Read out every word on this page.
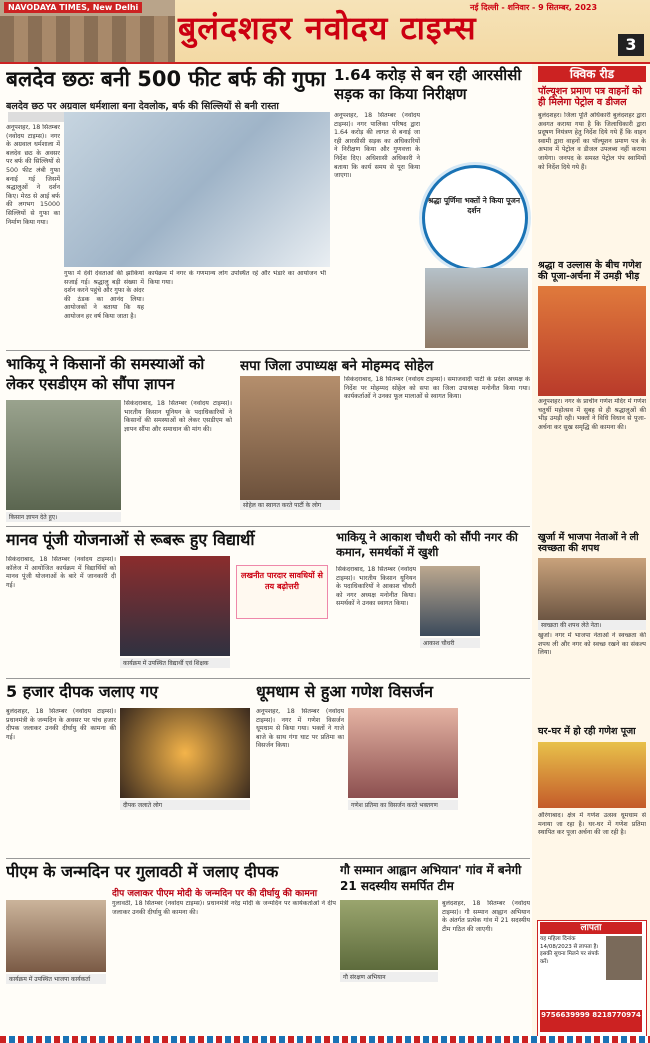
NAVODAYA TIMES, New Delhi
बुलंदशहर नवोदय टाइम्स
नई दिल्ली - शनिवार - 9 सितम्बर, 2023
3
बलदेव छठः बनी 500 फीट बर्फ की गुफा
बलदेव छठ पर अग्रवाल धर्मशाला बना देवलोक, बर्फ की सिल्लियों से बनी रास्ता
अनूपशहर, 18 सितम्बर (नवोदय टाइम्स)। नगर के अग्रवाल धर्मशाला में बलदेव छठ के अवसर पर बर्फ की सिल्लियों से 500 फीट लंबी गुफा बनाई गई जिसमें श्रद्धालुओं ने दर्शन किए। मेरठ से आई बर्फ की लगभग 15000 सिल्लियों से गुफा का निर्माण किया गया।
गुफा में देवी देवताओं की झांकियां सजाई गई। श्रद्धालु बड़ी संख्या में दर्शन करने पहुंचे और गुफा के अंदर की ठंडक का आनंद लिया। आयोजकों ने बताया कि यह आयोजन हर वर्ष किया जाता है।
कार्यक्रम में नगर के गणमान्य लोग उपस्थित रहे और भंडारे का आयोजन भी किया गया।
1.64 करोड़ से बन रही आरसीसी सड़क का किया निरीक्षण
अनूपशहर, 18 सितम्बर (नवोदय टाइम्स)। नगर पालिका परिषद द्वारा 1.64 करोड़ की लागत से बनाई जा रही आरसीसी सड़क का अधिकारियों ने निरीक्षण किया और गुणवत्ता के निर्देश दिए। अधिशासी अधिकारी ने बताया कि कार्य समय से पूरा किया जाएगा।
श्रद्धा पूर्णिमा भक्तों ने किया पूजन दर्शन
क्विक रीड
पॉल्यूशन प्रमाण पत्र वाहनों को ही मिलेगा पेट्रोल व डीजल
बुलंदशहर। जिला पूर्ति अधिकारी बुलंदशहर द्वारा अवगत कराया गया है कि जिलाधिकारी द्वारा प्रदूषण नियंत्रण हेतु निर्देश दिये गये हैं कि वाहन स्वामी द्वारा वाहनों का पॉल्यूशन प्रमाण पत्र के अभाव में पेट्रोल व डीजल उपलब्ध नहीं कराया जायेगा। जनपद के समस्त पेट्रोल पंप स्वामियों को निर्देश दिये गये हैं।
श्रद्धा व उल्लास के बीच गणेश की पूजा-अर्चना में उमड़ी भीड़
अनूपशहर। नगर के प्राचीन गणेश मंदिर में गणेश चतुर्थी महोत्सव में सुबह से ही श्रद्धालुओं की भीड़ उमड़ी रही। भक्तों ने विधि विधान से पूजा-अर्चना कर सुख समृद्धि की कामना की।
खुर्जा में भाजपा नेताओं ने ली स्वच्छता की शपथ
स्वच्छता की शपथ लेते नेता।
खुर्जा। नगर में भाजपा नेताओं ने स्वच्छता की शपथ ली और नगर को स्वच्छ रखने का संकल्प लिया।
घर-घर में हो रही गणेश पूजा
औरंगाबाद। क्षेत्र में गणेश उत्सव धूमधाम से मनाया जा रहा है। घर-घर में गणेश प्रतिमा स्थापित कर पूजा अर्चना की जा रही है।
लापता
यह महिला दिनांक 14/08/2023 से लापता है। इसकी सूचना मिलने पर संपर्क करें।
9756639999 8218770974
भाकियू ने किसानों की समस्याओं को लेकर एसडीएम को सौंपा ज्ञापन
किसान ज्ञापन देते हुए।
सिकंदराबाद, 18 सितम्बर (नवोदय टाइम्स)। भारतीय किसान यूनियन के पदाधिकारियों ने किसानों की समस्याओं को लेकर एसडीएम को ज्ञापन सौंपा और समाधान की मांग की।
सपा जिला उपाध्यक्ष बने मोहम्मद सोहेल
सोहेल का स्वागत करते पार्टी के लोग
लखनीत पारदार सावधियों से तय बढ़ोत्तरी
सिकंदराबाद, 18 सितम्बर (नवोदय टाइम्स)। समाजवादी पार्टी के प्रदेश अध्यक्ष के निर्देश पर मोहम्मद सोहेल को सपा का जिला उपाध्यक्ष मनोनीत किया गया। कार्यकर्ताओं ने उनका फूल मालाओं से स्वागत किया।
मानव पूंजी योजनाओं से रूबरू हुए विद्यार्थी
सिकंदराबाद, 18 सितम्बर (नवोदय टाइम्स)। कॉलेज में आयोजित कार्यक्रम में विद्यार्थियों को मानव पूंजी योजनाओं के बारे में जानकारी दी गई।
कार्यक्रम में उपस्थित विद्यार्थी एवं शिक्षक
भाकियू ने आकाश चौधरी को सौंपी नगर की कमान, समर्थकों में खुशी
आकाश चौधरी
सिकंदराबाद, 18 सितम्बर (नवोदय टाइम्स)। भारतीय किसान यूनियन के पदाधिकारियों ने आकाश चौधरी को नगर अध्यक्ष मनोनीत किया। समर्थकों ने उनका स्वागत किया।
5 हजार दीपक जलाए गए
बुलंदशहर, 18 सितम्बर (नवोदय टाइम्स)। प्रधानमंत्री के जन्मदिन के अवसर पर पांच हजार दीपक जलाकर उनकी दीर्घायु की कामना की गई।
दीपक जलाते लोग
धूमधाम से हुआ गणेश विसर्जन
अनूपशहर, 18 सितम्बर (नवोदय टाइम्स)। नगर में गणेश विसर्जन धूमधाम से किया गया। भक्तों ने गाजे बाजे के साथ गंगा घाट पर प्रतिमा का विसर्जन किया।
गणेश प्रतिमा का विसर्जन करते भक्तगण
पीएम के जन्मदिन पर गुलावठी में जलाए दीपक
दीप जलाकर पीएम मोदी के जन्मदिन पर की दीर्घायु की कामना
कार्यक्रम में उपस्थित भाजपा कार्यकर्ता
गुलावठी, 18 सितम्बर (नवोदय टाइम्स)। प्रधानमंत्री नरेंद्र मोदी के जन्मदिन पर कार्यकर्ताओं ने दीप जलाकर उनकी दीर्घायु की कामना की।
गौ सम्मान आह्वान अभियान' गांव में बनेगी 21 सदस्यीय समर्पित टीम
गौ संरक्षण अभियान
बुलंदशहर, 18 सितम्बर (नवोदय टाइम्स)। गौ सम्मान आह्वान अभियान के अंतर्गत प्रत्येक गांव में 21 सदस्यीय टीम गठित की जाएगी।
